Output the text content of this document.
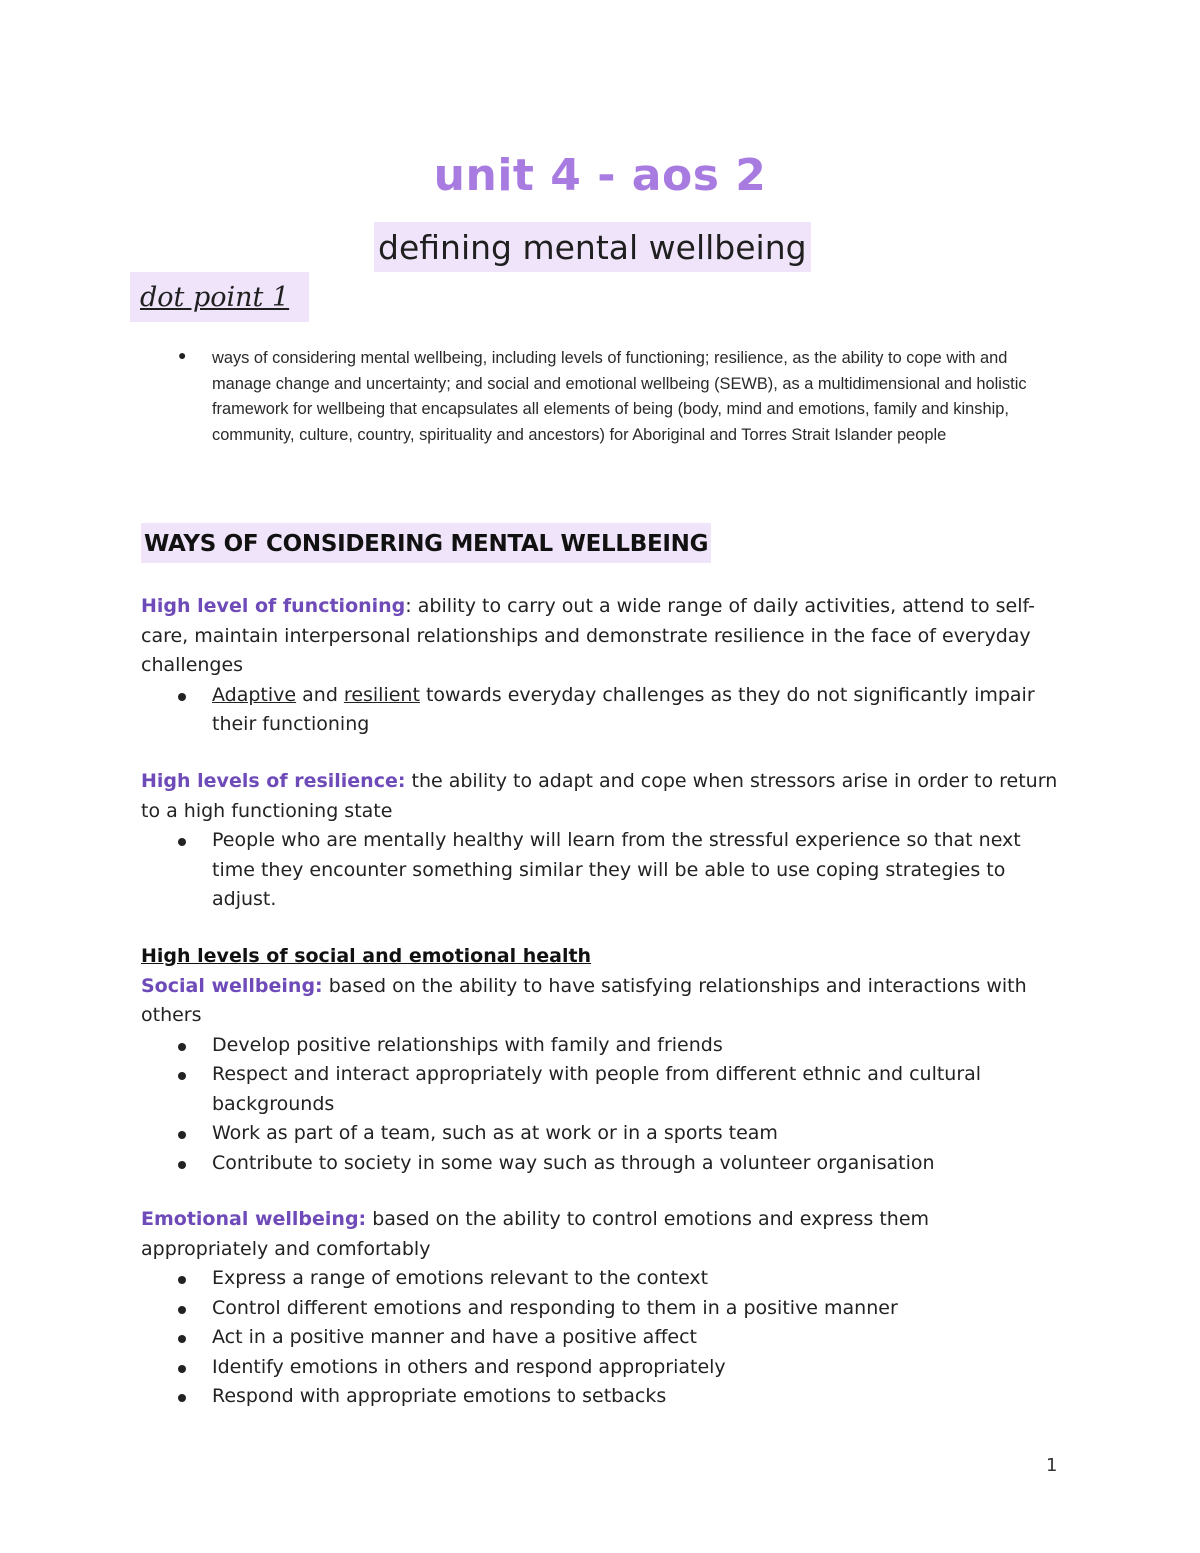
unit 4 - aos 2
defining mental wellbeing
dot point 1
● ways of considering mental wellbeing, including levels of functioning; resilience, as the ability to cope with and manage change and uncertainty; and social and emotional wellbeing (SEWB), as a multidimensional and holistic framework for wellbeing that encapsulates all elements of being (body, mind and emotions, family and kinship, community, culture, country, spirituality and ancestors) for Aboriginal and Torres Strait Islander people
WAYS OF CONSIDERING MENTAL WELLBEING
High level of functioning: ability to carry out a wide range of daily activities, attend to self-care, maintain interpersonal relationships and demonstrate resilience in the face of everyday challenges
Adaptive and resilient towards everyday challenges as they do not significantly impair their functioning
High levels of resilience: the ability to adapt and cope when stressors arise in order to return to a high functioning state
People who are mentally healthy will learn from the stressful experience so that next time they encounter something similar they will be able to use coping strategies to adjust.
High levels of social and emotional health
Social wellbeing: based on the ability to have satisfying relationships and interactions with others
Develop positive relationships with family and friends
Respect and interact appropriately with people from different ethnic and cultural backgrounds
Work as part of a team, such as at work or in a sports team
Contribute to society in some way such as through a volunteer organisation
Emotional wellbeing: based on the ability to control emotions and express them appropriately and comfortably
Express a range of emotions relevant to the context
Control different emotions and responding to them in a positive manner
Act in a positive manner and have a positive affect
Identify emotions in others and respond appropriately
Respond with appropriate emotions to setbacks
1
